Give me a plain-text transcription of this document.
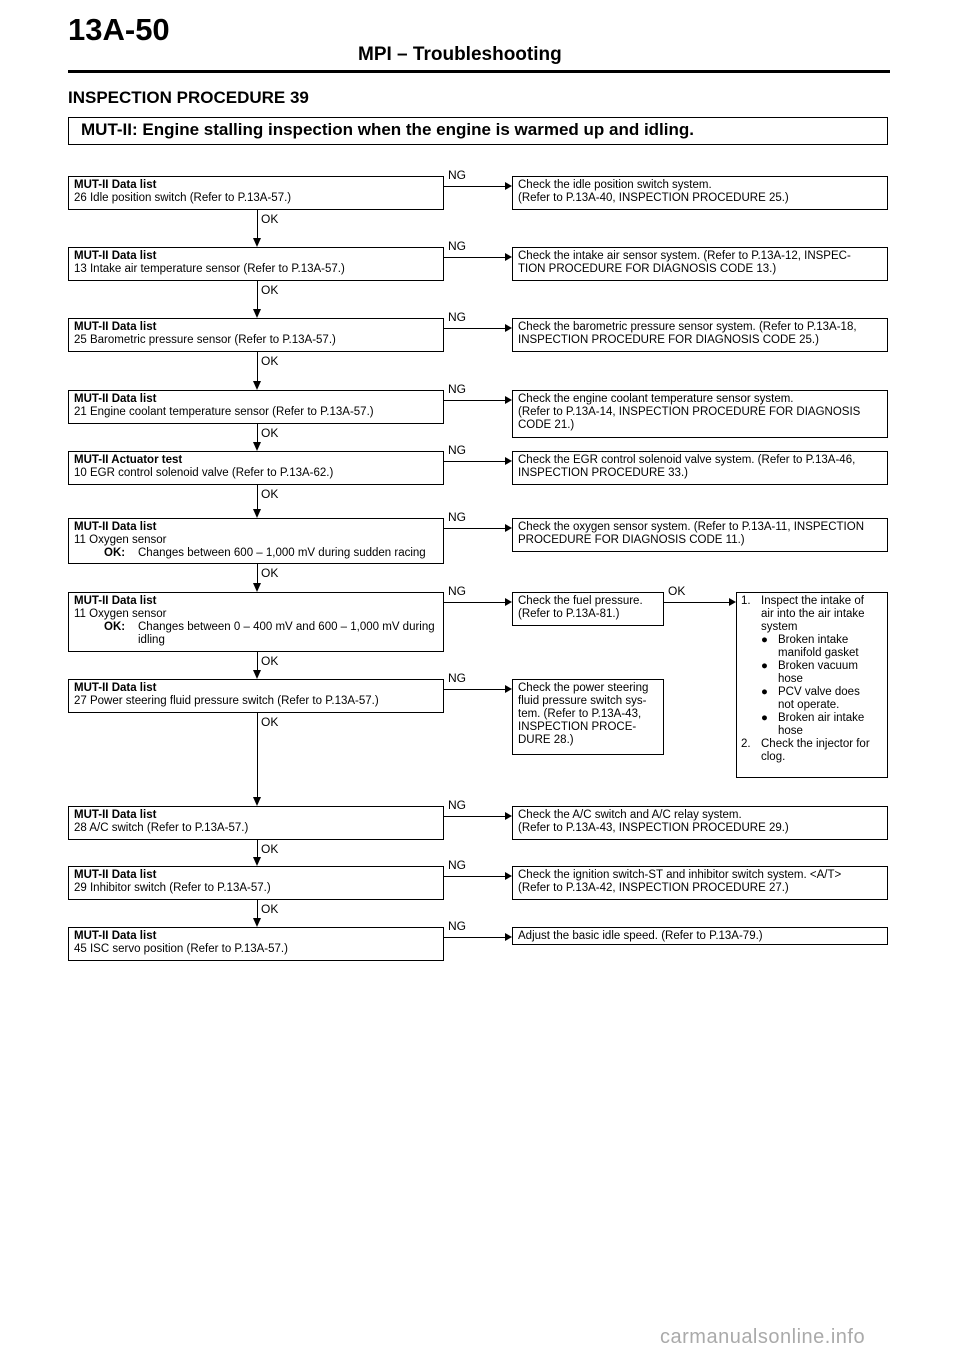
13A-50
MPI – Troubleshooting
INSPECTION PROCEDURE 39
MUT-II: Engine stalling inspection when the engine is warmed up and idling.
MUT-II Data list
26 Idle position switch (Refer to P.13A-57.)
NG
Check the idle position switch system.
(Refer to P.13A-40, INSPECTION PROCEDURE 25.)
OK
MUT-II Data list
13 Intake air temperature sensor (Refer to P.13A-57.)
NG
Check the intake air sensor system. (Refer to P.13A-12, INSPEC-
TION PROCEDURE FOR DIAGNOSIS CODE 13.)
OK
MUT-II Data list
25 Barometric pressure sensor (Refer to P.13A-57.)
NG
Check the barometric pressure sensor system. (Refer to P.13A-18,
INSPECTION PROCEDURE FOR DIAGNOSIS CODE 25.)
OK
MUT-II Data list
21 Engine coolant temperature sensor (Refer to P.13A-57.)
NG
Check the engine coolant temperature sensor system.
(Refer to P.13A-14, INSPECTION PROCEDURE FOR DIAGNOSIS
CODE 21.)
OK
MUT-II Actuator test
10 EGR control solenoid valve (Refer to P.13A-62.)
NG
Check the EGR control solenoid valve system. (Refer to P.13A-46,
INSPECTION PROCEDURE 33.)
OK
MUT-II Data list
11 Oxygen sensor
OK:	Changes between 600 – 1,000 mV during sudden racing
NG
Check the oxygen sensor system. (Refer to P.13A-11, INSPECTION
PROCEDURE FOR DIAGNOSIS CODE 11.)
OK
MUT-II Data list
11 Oxygen sensor
OK:	Changes between 0 – 400 mV and 600 – 1,000 mV during
idling
NG
Check the fuel pressure.
(Refer to P.13A-81.)
OK
MUT-II Data list
27 Power steering fluid pressure switch (Refer to P.13A-57.)
NG
Check the power steering
fluid pressure switch sys-
tem. (Refer to P.13A-43,
INSPECTION PROCE-
DURE 28.)
OK
MUT-II Data list
28 A/C switch (Refer to P.13A-57.)
NG
Check the A/C switch and A/C relay system.
(Refer to P.13A-43, INSPECTION PROCEDURE 29.)
OK
MUT-II Data list
29 Inhibitor switch (Refer to P.13A-57.)
NG
Check the ignition switch-ST and inhibitor switch system. <A/T>
(Refer to P.13A-42, INSPECTION PROCEDURE 27.)
OK
MUT-II Data list
45 ISC servo position (Refer to P.13A-57.)
NG
Adjust the basic idle speed. (Refer to P.13A-79.)
OK
1. Inspect the intake of
air into the air intake
system
● Broken intake
manifold gasket
● Broken vacuum
hose
● PCV valve does
not operate.
● Broken air intake
hose
2. Check the injector for
clog.
carmanualsonline.info
